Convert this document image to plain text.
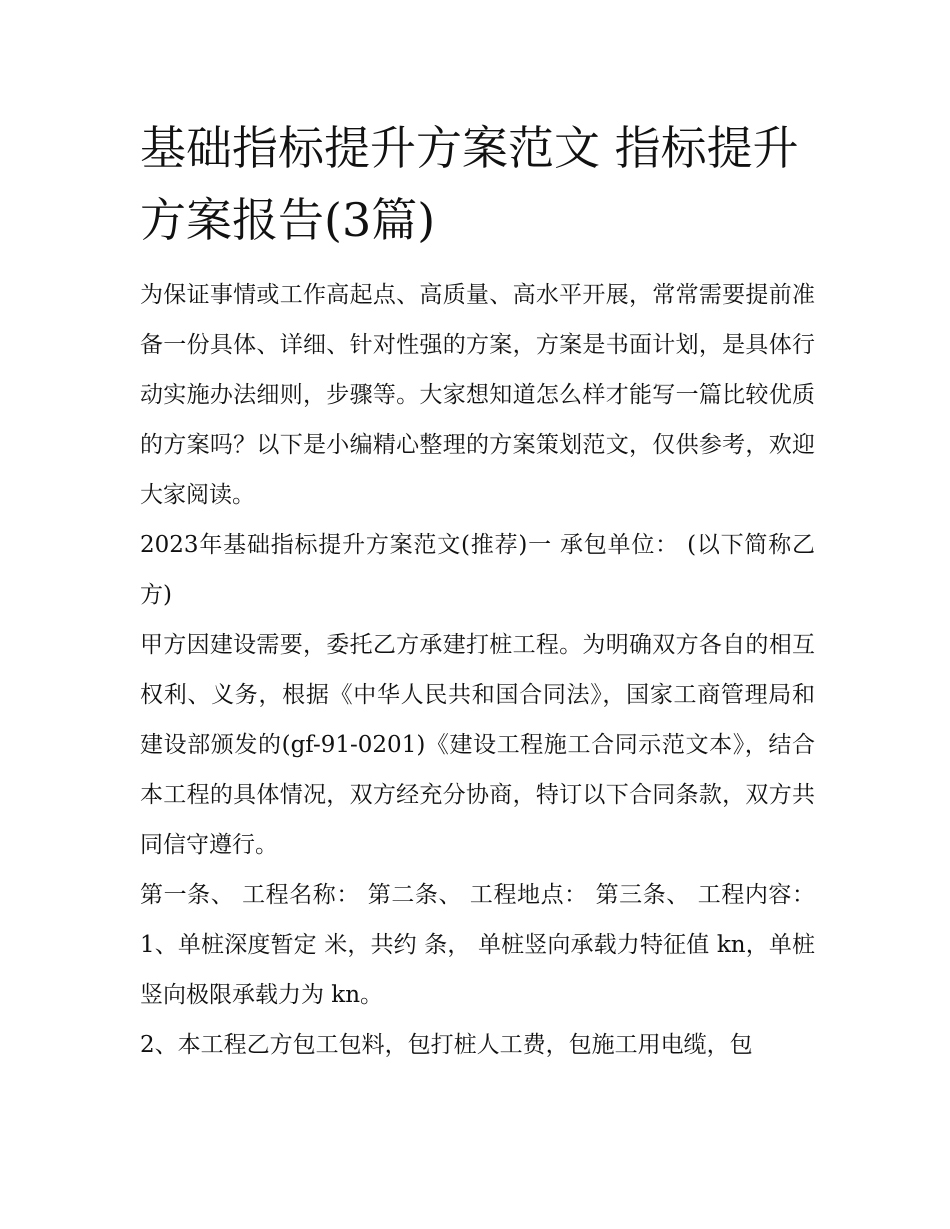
基础指标提升方案范文 指标提升方案报告(3篇)

为保证事情或工作高起点、高质量、高水平开展，常常需要提前准备一份具体、详细、针对性强的方案，方案是书面计划，是具体行动实施办法细则，步骤等。大家想知道怎么样才能写一篇比较优质的方案吗？以下是小编精心整理的方案策划范文，仅供参考，欢迎大家阅读。

2023年基础指标提升方案范文(推荐)一 承包单位： (以下简称乙方)

甲方因建设需要，委托乙方承建打桩工程。为明确双方各自的相互权利、义务，根据《中华人民共和国合同法》，国家工商管理局和建设部颁发的(gf-91-0201)《建设工程施工合同示范文本》，结合本工程的具体情况，双方经充分协商，特订以下合同条款，双方共同信守遵行。

第一条、 工程名称： 第二条、 工程地点： 第三条、 工程内容： 1、单桩深度暂定 米，共约 条， 单桩竖向承载力特征值 kn，单桩竖向极限承载力为 kn。

2、本工程乙方包工包料，包打桩人工费，包施工用电缆，包
